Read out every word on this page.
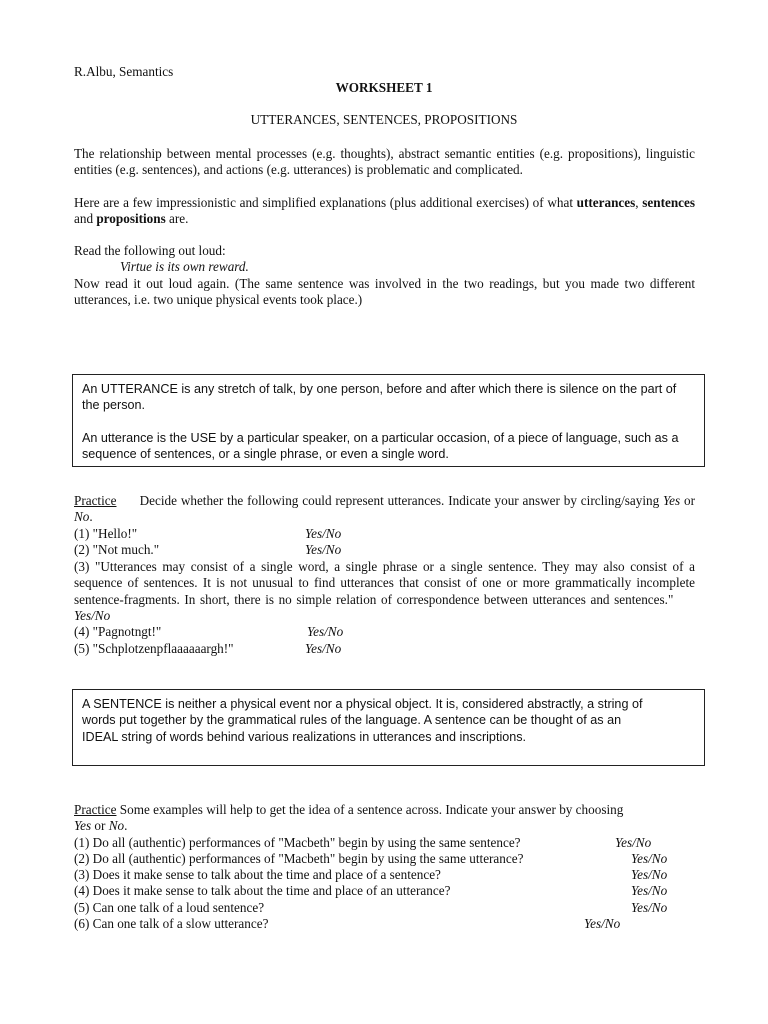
R.Albu, Semantics
WORKSHEET 1
UTTERANCES, SENTENCES, PROPOSITIONS
The relationship between mental processes (e.g. thoughts), abstract semantic entities (e.g. propositions), linguistic entities (e.g. sentences), and actions (e.g. utterances) is problematic and complicated.
Here are a few impressionistic and simplified explanations (plus additional exercises) of what utterances, sentences and propositions are.
Read the following out loud:
Virtue is its own reward.
Now read it out loud again. (The same sentence was involved in the two readings, but you made two different utterances, i.e. two unique physical events took place.)

An UTTERANCE is any stretch of talk, by one person, before and after which there is silence on the part of the person.

An utterance is the USE by a particular speaker, on a particular occasion, of a piece of language, such as a sequence of sentences, or a single phrase, or even a single word.

Practice Decide whether the following could represent utterances. Indicate your answer by circling/saying Yes or No.
(1) "Hello!"	Yes/No
(2) "Not much."	Yes/No
(3) "Utterances may consist of a single word, a single phrase or a single sentence. They may also consist of a sequence of sentences. It is not unusual to find utterances that consist of one or more grammatically incomplete sentence-fragments. In short, there is no simple relation of correspondence between utterances and sentences."      Yes/No
(4) "Pagnotngt!"	Yes/No
(5) "Schplotzenpflaaaaaargh!"	Yes/No

A SENTENCE is neither a physical event nor a physical object. It is, considered abstractly, a string of

words put together by the grammatical rules of the language. A sentence can be thought of as an

IDEAL string of words behind various realizations in utterances and inscriptions.

Practice Some examples will help to get the idea of a sentence across. Indicate your answer by choosing
Yes or No.
(1) Do all (authentic) performances of "Macbeth" begin by using the same sentence?	Yes/No
(2) Do all (authentic) performances of "Macbeth" begin by using the same utterance?	Yes/No
(3) Does it make sense to talk about the time and place of a sentence?	Yes/No
(4) Does it make sense to talk about the time and place of an utterance?	Yes/No
(5) Can one talk of a loud sentence?	Yes/No
(6) Can one talk of a slow utterance?	Yes/No
